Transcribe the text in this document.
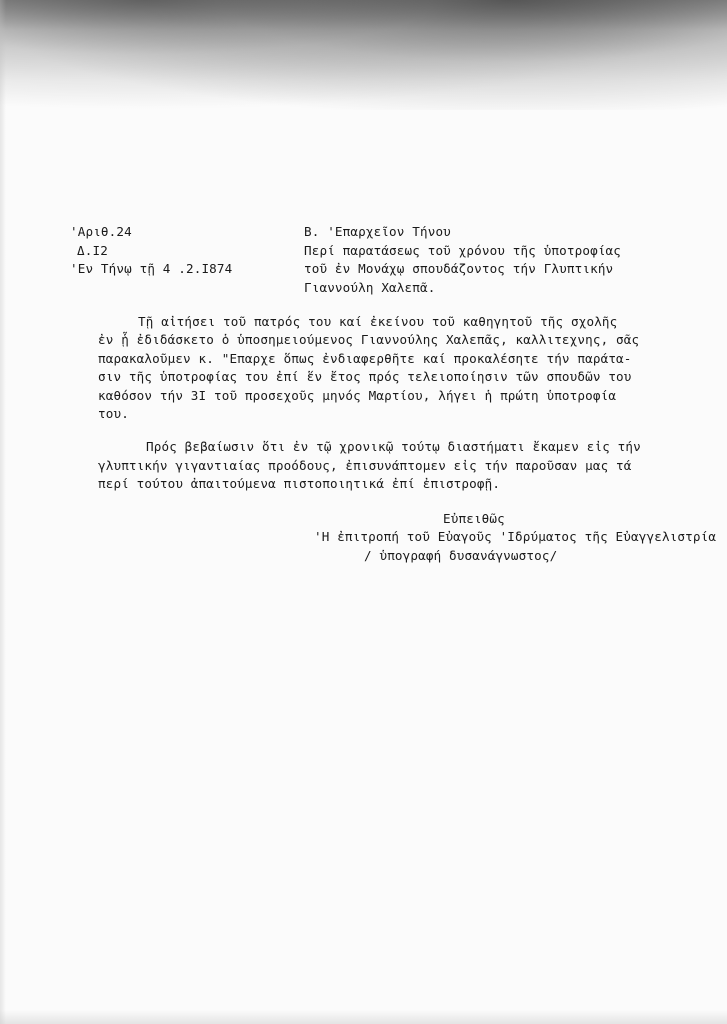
'Αριθ.24
Δ.Ι2
'Εν Τήνῳ τῇ 4 .2.Ι874
Β. 'Επαρχεῖον Τήνου
Περί παρατάσεως τοῦ χρόνου τῆς ὑποτροφίας
τοῦ ἐν Μονάχῳ σπουδάζοντος τήν Γλυπτικήν
Γιαννούλη Χαλεπᾶ.
Τῇ αἰτήσει τοῦ πατρός του καί ἐκείνου τοῦ καθηγητοῦ τῆς σχολῆς
ἐν ᾗ ἐδιδάσκετο ὁ ὑποσημειούμενος Γιαννούλης Χαλεπᾶς, καλλιτεχνης, σᾶς
παρακαλοῦμεν κ. "Επαρχε ὅπως ἐνδιαφερθῆτε καί προκαλέσητε τήν παράτα-
σιν τῆς ὑποτροφίας του ἐπί ἕν ἔτος πρός τελειοποίησιν τῶν σπουδῶν του
καθόσον τήν 3Ι τοῦ προσεχοῦς μηνός Μαρτίου, λήγει ἡ πρώτη ὑποτροφία
του.
Πρός βεβαίωσιν ὅτι ἐν τῷ χρονικῷ τούτῳ διαστήματι ἔκαμεν εἰς τήν
γλυπτικήν γιγαντιαίας προόδους, ἐπισυνάπτομεν εἰς τήν παροῦσαν μας τά
περί τούτου ἀπαιτούμενα πιστοποιητικά ἐπί ἐπιστροφῇ.
Εὐπειθῶς
'Η ἐπιτροπή τοῦ Εὐαγοῦς 'Ιδρύματος τῆς Εὐαγγελιστρία
/ ὑπογραφή δυσανάγνωστος/
